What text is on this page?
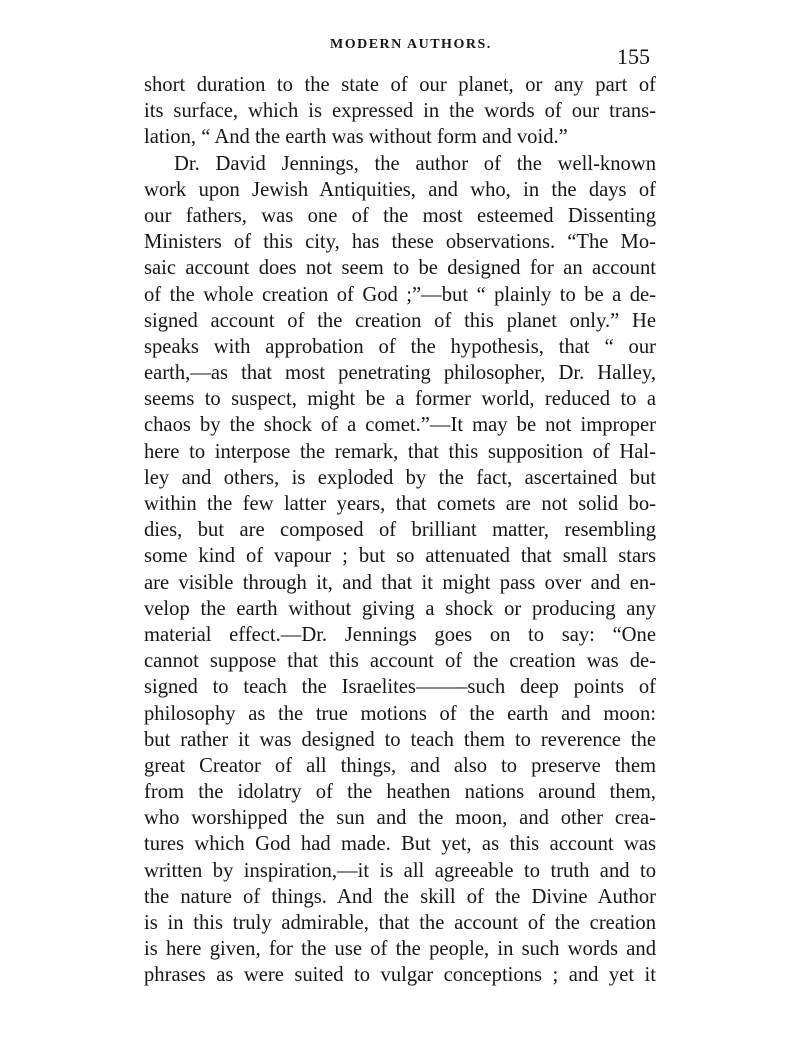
MODERN AUTHORS.	155
short duration to the state of our planet, or any part of
its surface, which is expressed in the words of our trans-
lation, “ And the earth was without form and void.”
Dr. David Jennings, the author of the well-known
work upon Jewish Antiquities, and who, in the days of
our fathers, was one of the most esteemed Dissenting
Ministers of this city, has these observations. “The Mo-
saic account does not seem to be designed for an account
of the whole creation of God ;”—but “ plainly to be a de-
signed account of the creation of this planet only.” He
speaks with approbation of the hypothesis, that “ our
earth,—as that most penetrating philosopher, Dr. Halley,
seems to suspect, might be a former world, reduced to a
chaos by the shock of a comet.”—It may be not improper
here to interpose the remark, that this supposition of Hal-
ley and others, is exploded by the fact, ascertained but
within the few latter years, that comets are not solid bo-
dies, but are composed of brilliant matter, resembling
some kind of vapour ; but so attenuated that small stars
are visible through it, and that it might pass over and en-
velop the earth without giving a shock or producing any
material effect.—Dr. Jennings goes on to say: “One
cannot suppose that this account of the creation was de-
signed to teach the Israelites——–such deep points of
philosophy as the true motions of the earth and moon:
but rather it was designed to teach them to reverence the
great Creator of all things, and also to preserve them
from the idolatry of the heathen nations around them,
who worshipped the sun and the moon, and other crea-
tures which God had made. But yet, as this account was
written by inspiration,—it is all agreeable to truth and to
the nature of things. And the skill of the Divine Author
is in this truly admirable, that the account of the creation
is here given, for the use of the people, in such words and
phrases as were suited to vulgar conceptions ; and yet it
